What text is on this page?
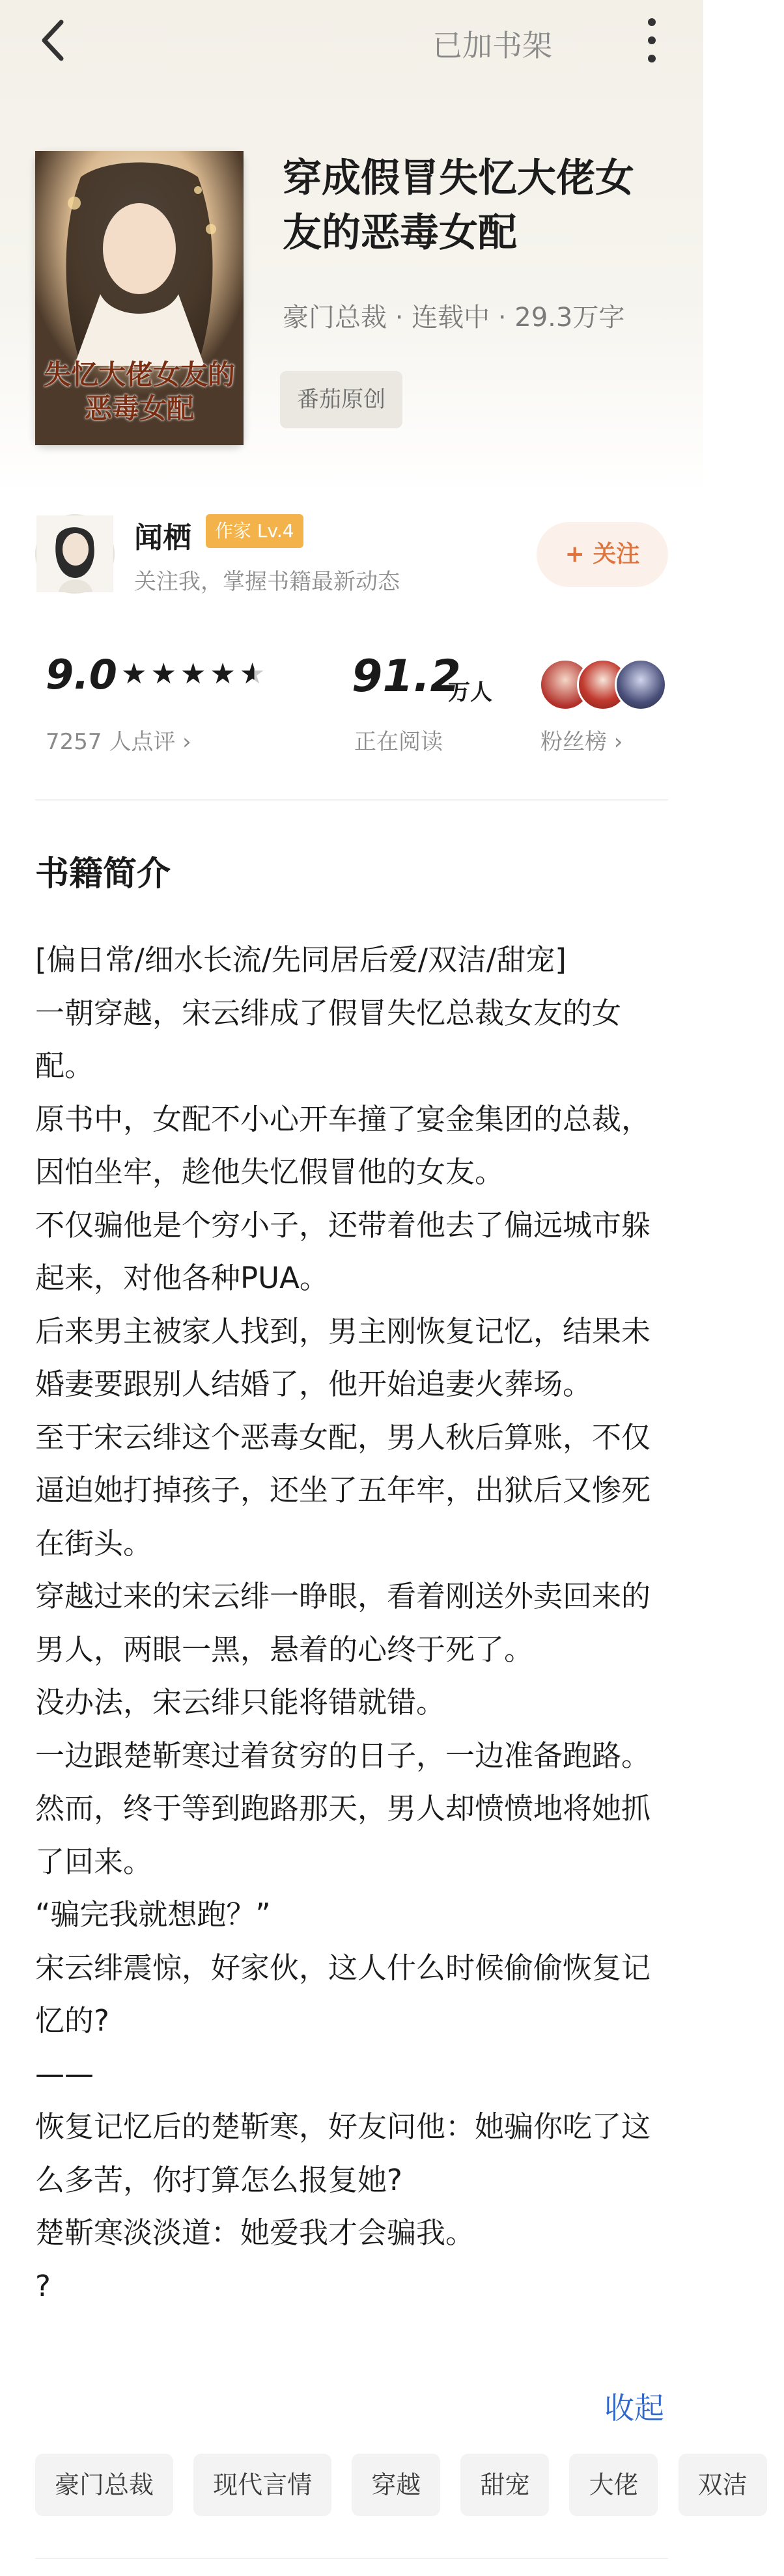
已加书架
失忆大佬女友的恶毒女配
穿成假冒失忆大佬女友的恶毒女配
豪门总裁 · 连载中 · 29.3万字
番茄原创
闻栖	作家 Lv.4
关注我，掌握书籍最新动态
+ 关注
9.0 ★★★★★
7257 人点评 ›
91.2
万人
正在阅读	粉丝榜 ›
书籍简介

[偏日常/细水长流/先同居后爱/双洁/甜宠]

一朝穿越，宋云绯成了假冒失忆总裁女友的女配。

原书中，女配不小心开车撞了宴金集团的总裁，因怕坐牢，趁他失忆假冒他的女友。

不仅骗他是个穷小子，还带着他去了偏远城市躲起来，对他各种PUA。

后来男主被家人找到，男主刚恢复记忆，结果未婚妻要跟别人结婚了，他开始追妻火葬场。

至于宋云绯这个恶毒女配，男人秋后算账，不仅逼迫她打掉孩子，还坐了五年牢，出狱后又惨死在街头。

穿越过来的宋云绯一睁眼，看着刚送外卖回来的男人，两眼一黑，悬着的心终于死了。

没办法，宋云绯只能将错就错。

一边跟楚靳寒过着贫穷的日子，一边准备跑路。

然而，终于等到跑路那天，男人却愤愤地将她抓了回来。

“骗完我就想跑？”

宋云绯震惊，好家伙，这人什么时候偷偷恢复记忆的?

——

恢复记忆后的楚靳寒，好友问他：她骗你吃了这么多苦，你打算怎么报复她?

楚靳寒淡淡道：她爱我才会骗我。

?

收起
豪门总裁 现代言情 穿越 甜宠 大佬 双洁
